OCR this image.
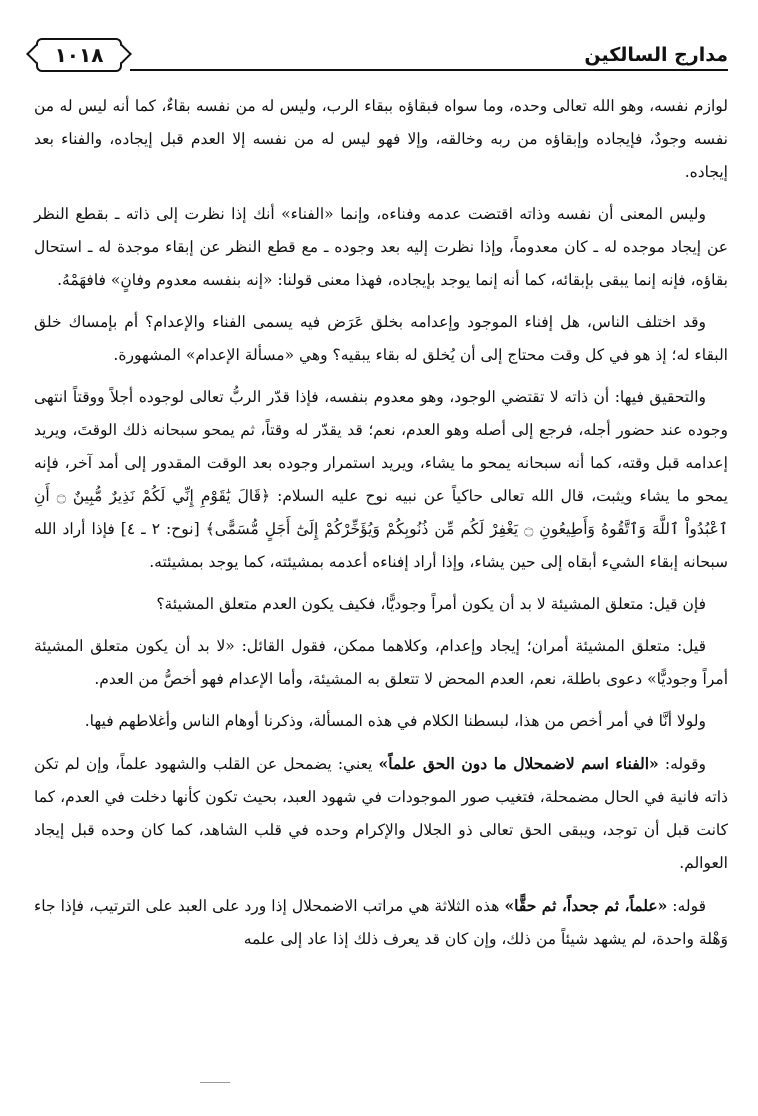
مدارج السالكين
١٠١٨

لوازم نفسه، وهو الله تعالى وحده، وما سواه فبقاؤه ببقاء الرب، وليس له من نفسه بقاءٌ، كما أنه ليس له من نفسه وجودٌ، فإيجاده وإبقاؤه من ربه وخالقه، وإلا فهو ليس له من نفسه إلا العدم قبل إيجاده، والفناء بعد إيجاده.

وليس المعنى أن نفسه وذاته اقتضت عدمه وفناءه، وإنما «الفناء» أنك إذا نظرت إلى ذاته ـ بقطع النظر عن إيجاد موجده له ـ كان معدوماً، وإذا نظرت إليه بعد وجوده ـ مع قطع النظر عن إبقاء موجدة له ـ استحال بقاؤه، فإنه إنما يبقى بإبقائه، كما أنه إنما يوجد بإيجاده، فهذا معنى قولنا: «إنه بنفسه معدوم وفانٍ» فافهَمْهُ.

وقد اختلف الناس، هل إفناء الموجود وإعدامه بخلق عَرَض فيه يسمى الفناء والإعدام؟ أم بإمساك خلق البقاء له؛ إذ هو في كل وقت محتاج إلى أن يُخلق له بقاء يبقيه؟ وهي «مسألة الإعدام» المشهورة.

والتحقيق فيها: أن ذاته لا تقتضي الوجود، وهو معدوم بنفسه، فإذا قدّر الربُّ تعالى لوجوده أجلاً ووقتاً انتهى وجوده عند حضور أجله، فرجع إلى أصله وهو العدم، نعم؛ قد يقدّر له وقتاً، ثم يمحو سبحانه ذلك الوقتَ، ويريد إعدامه قبل وقته، كما أنه سبحانه يمحو ما يشاء، ويريد استمرار وجوده بعد الوقت المقدور إلى أمد آخر، فإنه يمحو ما يشاء ويثبت، قال الله تعالى حاكياً عن نبيه نوح عليه السلام: ﴿قَالَ يَٰقَوْمِ إِنِّي لَكُمْ نَذِيرٌ مُّبِينٌ ۝ أَنِ ٱعْبُدُواْ ٱللَّهَ وَٱتَّقُوهُ وَأَطِيعُونِ ۝ يَغْفِرْ لَكُم مِّن ذُنُوبِكُمْ وَيُؤَخِّرْكُمْ إِلَىٰٓ أَجَلٍ مُّسَمًّى﴾ [نوح: ٢ ـ ٤] فإذا أراد الله سبحانه إبقاء الشيء أبقاه إلى حين يشاء، وإذا أراد إفناءه أعدمه بمشيئته، كما يوجد بمشيئته.

فإن قيل: متعلق المشيئة لا بد أن يكون أمراً وجوديًّا، فكيف يكون العدم متعلق المشيئة؟

قيل: متعلق المشيئة أمران؛ إيجاد وإعدام، وكلاهما ممكن، فقول القائل: «لا بد أن يكون متعلق المشيئة أمراً وجوديًّا» دعوى باطلة، نعم، العدم المحض لا تتعلق به المشيئة، وأما الإعدام فهو أخصُّ من العدم.

ولولا أنَّا في أمر أخص من هذا، لبسطنا الكلام في هذه المسألة، وذكرنا أوهام الناس وأغلاطهم فيها.

وقوله: «الفناء اسم لاضمحلال ما دون الحق علماً» يعني: يضمحل عن القلب والشهود علماً، وإن لم تكن ذاته فانية في الحال مضمحلة، فتغيب صور الموجودات في شهود العبد، بحيث تكون كأنها دخلت في العدم، كما كانت قبل أن توجد، ويبقى الحق تعالى ذو الجلال والإكرام وحده في قلب الشاهد، كما كان وحده قبل إيجاد العوالم.

قوله: «علماً، ثم جحداً، ثم حقًّا» هذه الثلاثة هي مراتب الاضمحلال إذا ورد على العبد على الترتيب، فإذا جاء وَهْلة واحدة، لم يشهد شيئاً من ذلك، وإن كان قد يعرف ذلك إذا عاد إلى علمه
